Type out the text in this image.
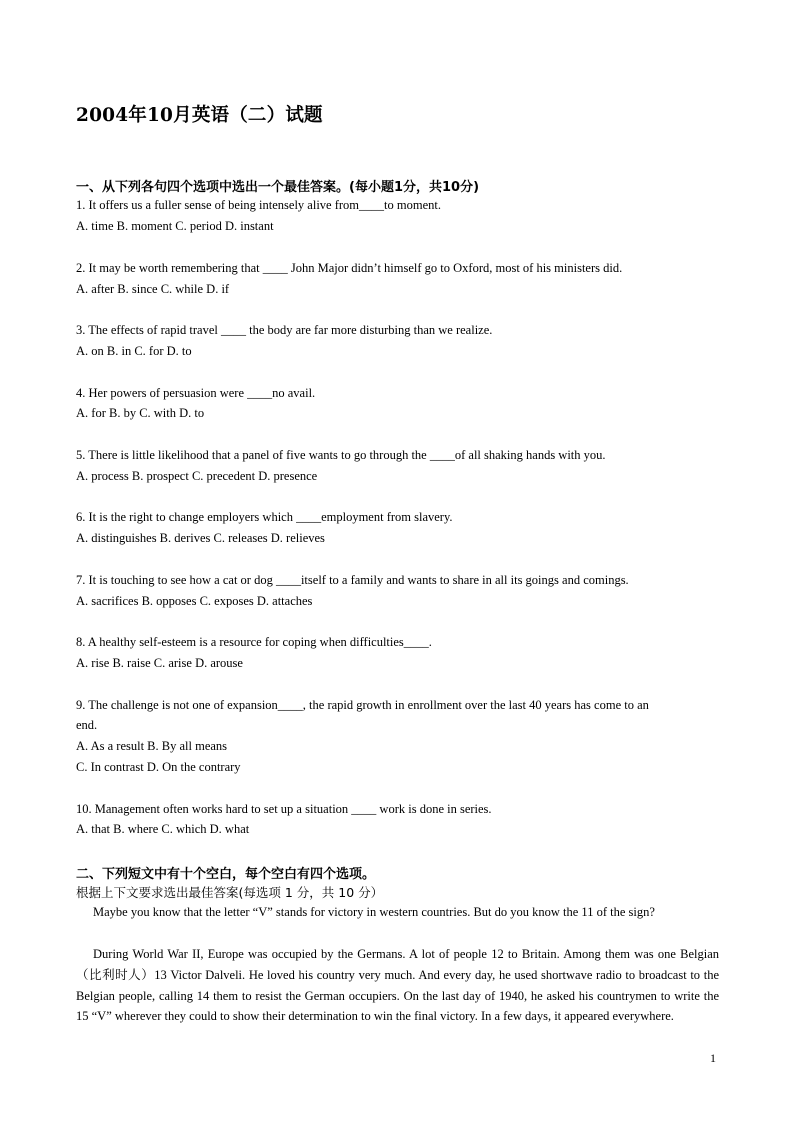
2004年10月英语（二）试题
一、从下列各句四个选项中选出一个最佳答案。(每小题1分，共10分)
1. It offers us a fuller sense of being intensely alive from____to moment.
A. time B. moment C. period D. instant
2. It may be worth remembering that ____ John Major didn’t himself go to Oxford, most of his ministers did.
A. after B. since C. while D. if
3. The effects of rapid travel ____ the body are far more disturbing than we realize.
A. on B. in C. for D. to
4. Her powers of persuasion were ____no avail.
A. for B. by C. with D. to
5. There is little likelihood that a panel of five wants to go through the ____of all shaking hands with you.
A. process B. prospect C. precedent D. presence
6. It is the right to change employers which ____employment from slavery.
A. distinguishes B. derives C. releases D. relieves
7. It is touching to see how a cat or dog ____itself to a family and wants to share in all its goings and comings.
A. sacrifices B. opposes C. exposes D. attaches
8. A healthy self-esteem is a resource for coping when difficulties____.
A. rise B. raise C. arise D. arouse
9. The challenge is not one of expansion____, the rapid growth in enrollment over the last 40 years has come to an
end.
A. As a result B. By all means
C. In contrast D. On the contrary
10. Management often works hard to set up a situation ____ work is done in series.
A. that B. where C. which D. what
二、下列短文中有十个空白，每个空白有四个选项。
根据上下文要求选出最佳答案(每选项 1 分，共 10 分）
Maybe you know that the letter “V” stands for victory in western countries. But do you know the 11 of the sign?
During World War II, Europe was occupied by the Germans. A lot of people 12 to Britain. Among them was one Belgian（比利时人）13 Victor Dalveli. He loved his country very much. And every day, he used shortwave radio to broadcast to the Belgian people, calling 14 them to resist the German occupiers. On the last day of 1940, he asked his countrymen to write the 15 “V” wherever they could to show their determination to win the final victory. In a few days, it appeared everywhere.
1
